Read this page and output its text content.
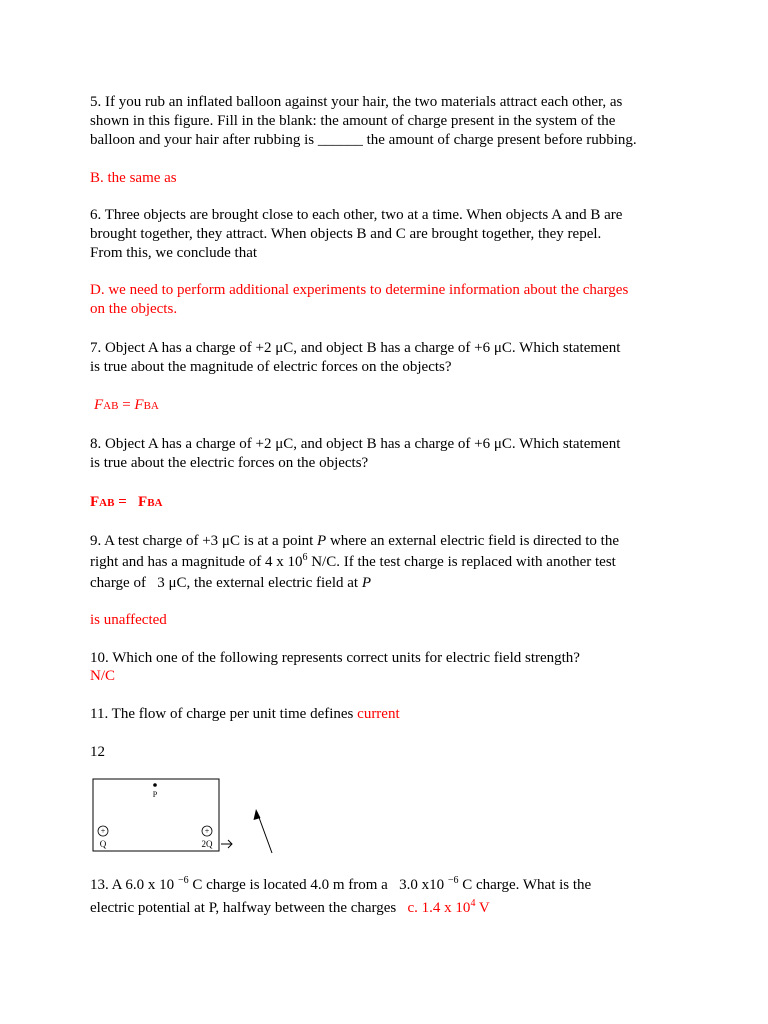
5. If you rub an inflated balloon against your hair, the two materials attract each other, as
shown in this figure. Fill in the blank: the amount of charge present in the system of the
balloon and your hair after rubbing is ______ the amount of charge present before rubbing.
B. the same as
6. Three objects are brought close to each other, two at a time. When objects A and B are
brought together, they attract. When objects B and C are brought together, they repel.
From this, we conclude that
D. we need to perform additional experiments to determine information about the charges
on the objects.
7. Object A has a charge of +2 μC, and object B has a charge of +6 μC. Which statement
is true about the magnitude of electric forces on the objects?
FAB = FBA
8. Object A has a charge of +2 μC, and object B has a charge of +6 μC. Which statement
is true about the electric forces on the objects?
FAB =   FBA
9. A test charge of +3 μC is at a point P where an external electric field is directed to the
right and has a magnitude of 4 x $10^6$ N/C. If the test charge is replaced with another test
charge of   3 μC, the external electric field at P
is unaffected
10. Which one of the following represents correct units for electric field strength?
N/C
11. The flow of charge per unit time defines current
12
P
+
Q
+
2Q
13. A 6.0 x 10 $^{-6}$ C charge is located 4.0 m from a   3.0 x10 $^{-6}$ C charge. What is the
electric potential at P, halfway between the charges   c. 1.4 x $10^4$ V
